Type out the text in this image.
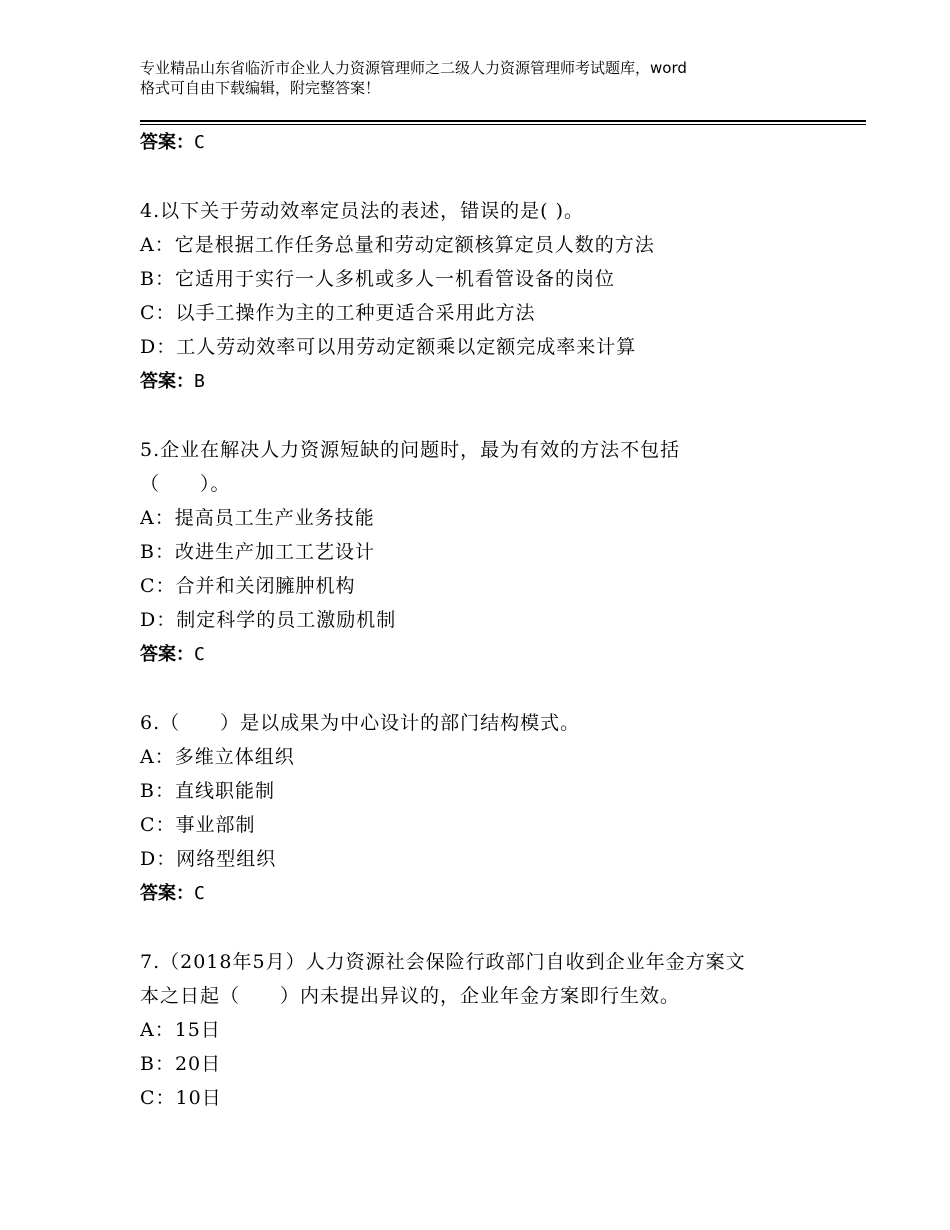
专业精品山东省临沂市企业人力资源管理师之二级人力资源管理师考试题库，word
格式可自由下载编辑，附完整答案！
答案：C
4.以下关于劳动效率定员法的表述，错误的是( )。
A：它是根据工作任务总量和劳动定额核算定员人数的方法
B：它适用于实行一人多机或多人一机看管设备的岗位
C：以手工操作为主的工种更适合采用此方法
D：工人劳动效率可以用劳动定额乘以定额完成率来计算
答案：B
5.企业在解决人力资源短缺的问题时，最为有效的方法不包括
（　　）。
A：提高员工生产业务技能
B：改进生产加工工艺设计
C：合并和关闭臃肿机构
D：制定科学的员工激励机制
答案：C
6.（　　）是以成果为中心设计的部门结构模式。
A：多维立体组织
B：直线职能制
C：事业部制
D：网络型组织
答案：C
7.（2018年5月）人力资源社会保险行政部门自收到企业年金方案文
本之日起（　　）内未提出异议的，企业年金方案即行生效。
A：15日
B：20日
C：10日
